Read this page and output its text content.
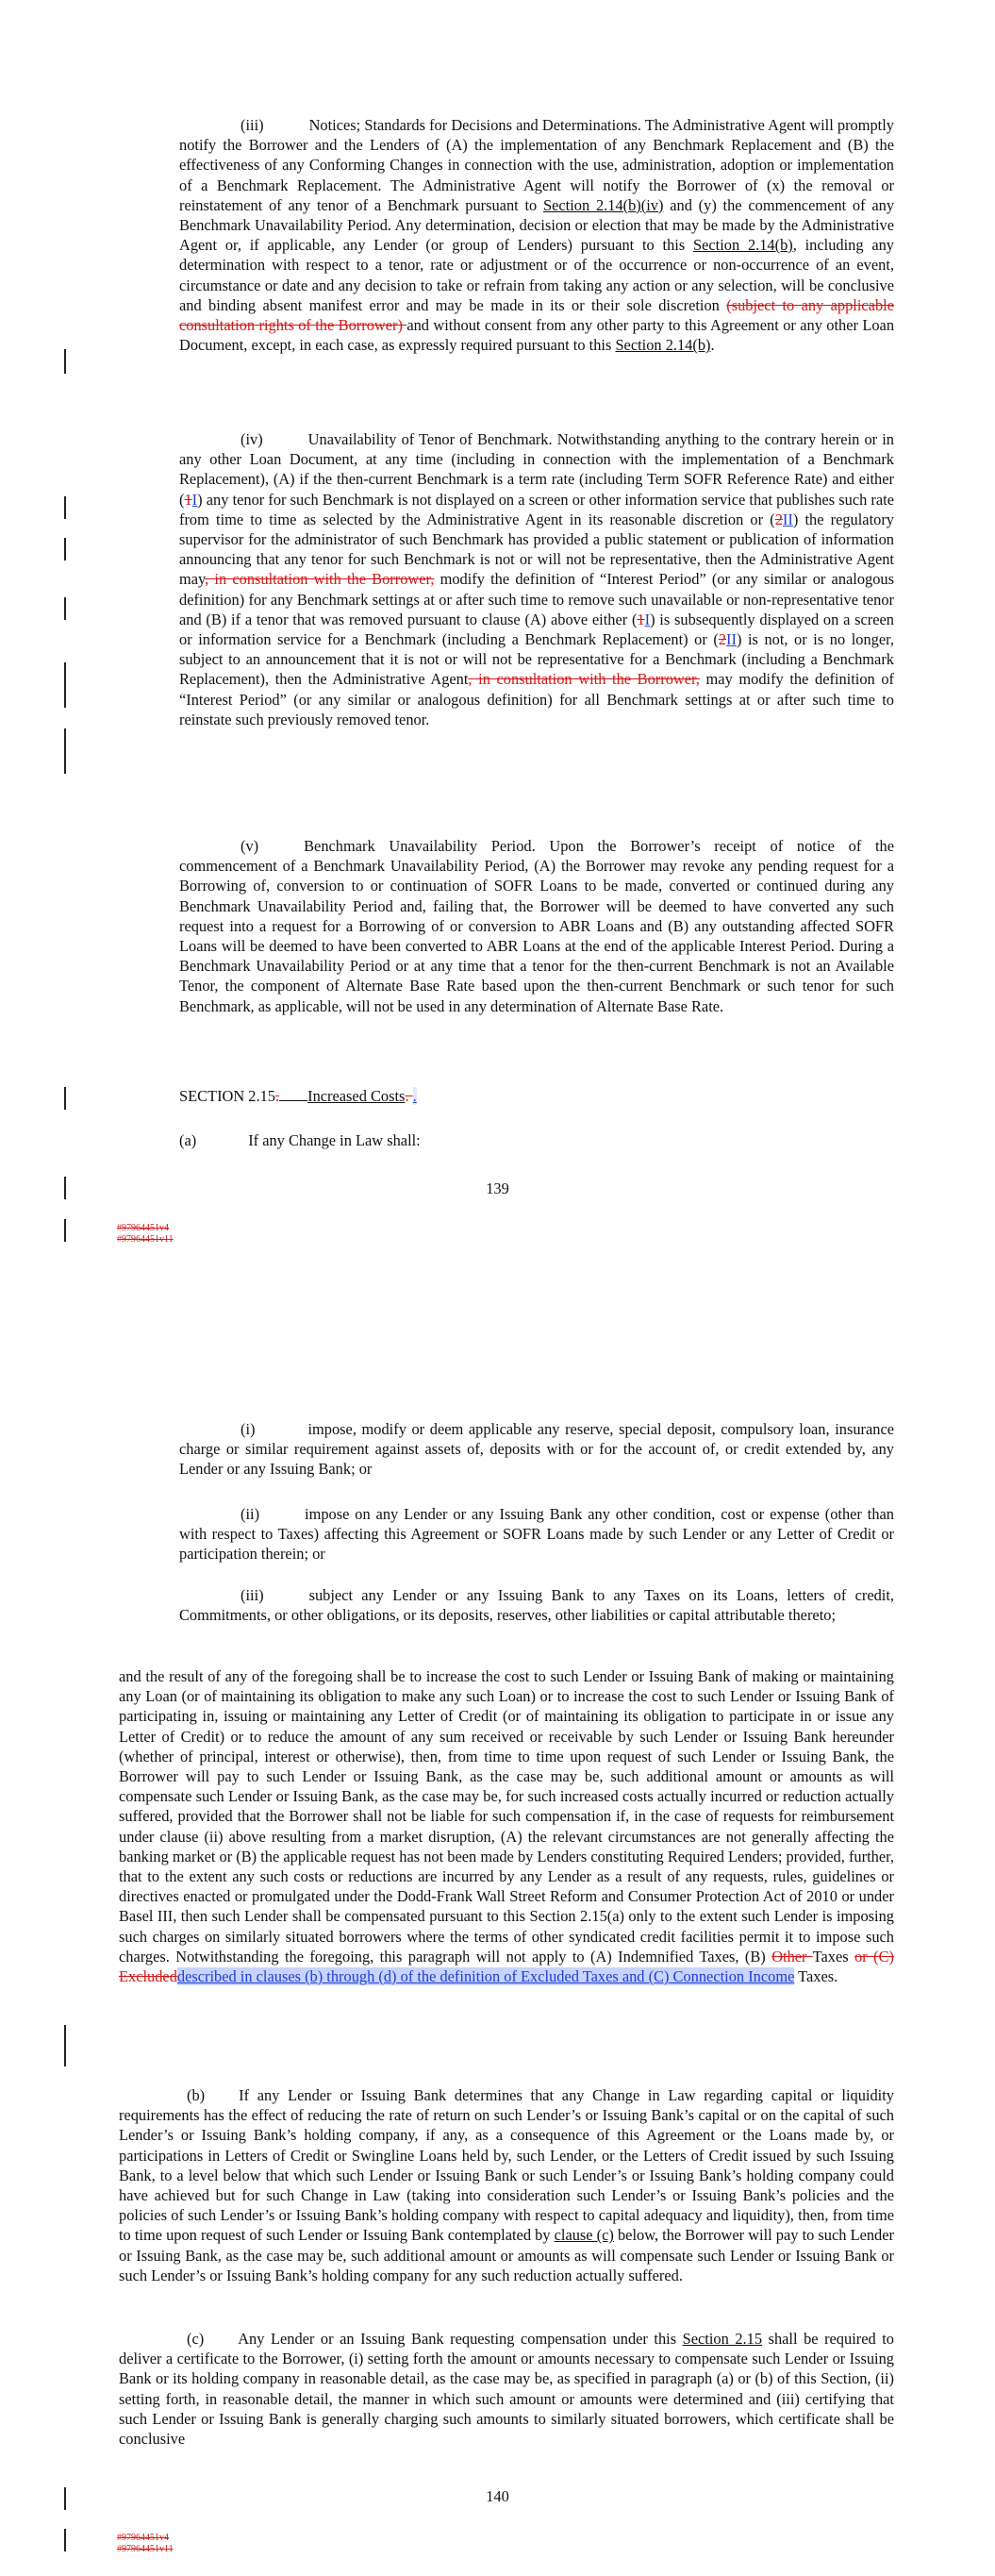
(iii)	Notices; Standards for Decisions and Determinations. The Administrative Agent will promptly notify the Borrower and the Lenders of (A) the implementation of any Benchmark Replacement and (B) the effectiveness of any Conforming Changes in connection with the use, administration, adoption or implementation of a Benchmark Replacement. The Administrative Agent will notify the Borrower of (x) the removal or reinstatement of any tenor of a Benchmark pursuant to Section 2.14(b)(iv) and (y) the commencement of any Benchmark Unavailability Period. Any determination, decision or election that may be made by the Administrative Agent or, if applicable, any Lender (or group of Lenders) pursuant to this Section 2.14(b), including any determination with respect to a tenor, rate or adjustment or of the occurrence or non-occurrence of an event, circumstance or date and any decision to take or refrain from taking any action or any selection, will be conclusive and binding absent manifest error and may be made in its or their sole discretion (subject to any applicable consultation rights of the Borrower) and without consent from any other party to this Agreement or any other Loan Document, except, in each case, as expressly required pursuant to this Section 2.14(b).
(iv)	Unavailability of Tenor of Benchmark. Notwithstanding anything to the contrary herein or in any other Loan Document, at any time (including in connection with the implementation of a Benchmark Replacement), (A) if the then-current Benchmark is a term rate (including Term SOFR Reference Rate) and either (1I) any tenor for such Benchmark is not displayed on a screen or other information service that publishes such rate from time to time as selected by the Administrative Agent in its reasonable discretion or (2II) the regulatory supervisor for the administrator of such Benchmark has provided a public statement or publication of information announcing that any tenor for such Benchmark is not or will not be representative, then the Administrative Agent may, in consultation with the Borrower, modify the definition of “Interest Period” (or any similar or analogous definition) for any Benchmark settings at or after such time to remove such unavailable or non-representative tenor and (B) if a tenor that was removed pursuant to clause (A) above either (1I) is subsequently displayed on a screen or information service for a Benchmark (including a Benchmark Replacement) or (2II) is not, or is no longer, subject to an announcement that it is not or will not be representative for a Benchmark (including a Benchmark Replacement), then the Administrative Agent, in consultation with the Borrower, may modify the definition of “Interest Period” (or any similar or analogous definition) for all Benchmark settings at or after such time to reinstate such previously removed tenor.
(v)	Benchmark Unavailability Period. Upon the Borrower’s receipt of notice of the commencement of a Benchmark Unavailability Period, (A) the Borrower may revoke any pending request for a Borrowing of, conversion to or continuation of SOFR Loans to be made, converted or continued during any Benchmark Unavailability Period and, failing that, the Borrower will be deemed to have converted any such request into a request for a Borrowing of or conversion to ABR Loans and (B) any outstanding affected SOFR Loans will be deemed to have been converted to ABR Loans at the end of the applicable Interest Period. During a Benchmark Unavailability Period or at any time that a tenor for the then-current Benchmark is not an Available Tenor, the component of Alternate Base Rate based upon the then-current Benchmark or such tenor for such Benchmark, as applicable, will not be used in any determination of Alternate Base Rate.
SECTION 2.15. Increased Costs. .
(a)	If any Change in Law shall:
139
#97964451v4
#97964451v11
(i)	impose, modify or deem applicable any reserve, special deposit, compulsory loan, insurance charge or similar requirement against assets of, deposits with or for the account of, or credit extended by, any Lender or any Issuing Bank; or
(ii)	impose on any Lender or any Issuing Bank any other condition, cost or expense (other than with respect to Taxes) affecting this Agreement or SOFR Loans made by such Lender or any Letter of Credit or participation therein; or
(iii)	subject any Lender or any Issuing Bank to any Taxes on its Loans, letters of credit, Commitments, or other obligations, or its deposits, reserves, other liabilities or capital attributable thereto;
and the result of any of the foregoing shall be to increase the cost to such Lender or Issuing Bank of making or maintaining any Loan (or of maintaining its obligation to make any such Loan) or to increase the cost to such Lender or Issuing Bank of participating in, issuing or maintaining any Letter of Credit (or of maintaining its obligation to participate in or issue any Letter of Credit) or to reduce the amount of any sum received or receivable by such Lender or Issuing Bank hereunder (whether of principal, interest or otherwise), then, from time to time upon request of such Lender or Issuing Bank, the Borrower will pay to such Lender or Issuing Bank, as the case may be, such additional amount or amounts as will compensate such Lender or Issuing Bank, as the case may be, for such increased costs actually incurred or reduction actually suffered, provided that the Borrower shall not be liable for such compensation if, in the case of requests for reimbursement under clause (ii) above resulting from a market disruption, (A) the relevant circumstances are not generally affecting the banking market or (B) the applicable request has not been made by Lenders constituting Required Lenders; provided, further, that to the extent any such costs or reductions are incurred by any Lender as a result of any requests, rules, guidelines or directives enacted or promulgated under the Dodd-Frank Wall Street Reform and Consumer Protection Act of 2010 or under Basel III, then such Lender shall be compensated pursuant to this Section 2.15(a) only to the extent such Lender is imposing such charges on similarly situated borrowers where the terms of other syndicated credit facilities permit it to impose such charges. Notwithstanding the foregoing, this paragraph will not apply to (A) Indemnified Taxes, (B) Other Taxes or (C) Excludeddescribed in clauses (b) through (d) of the definition of Excluded Taxes and (C) Connection Income Taxes.
(b) If any Lender or Issuing Bank determines that any Change in Law regarding capital or liquidity requirements has the effect of reducing the rate of return on such Lender’s or Issuing Bank’s capital or on the capital of such Lender’s or Issuing Bank’s holding company, if any, as a consequence of this Agreement or the Loans made by, or participations in Letters of Credit or Swingline Loans held by, such Lender, or the Letters of Credit issued by such Issuing Bank, to a level below that which such Lender or Issuing Bank or such Lender’s or Issuing Bank’s holding company could have achieved but for such Change in Law (taking into consideration such Lender’s or Issuing Bank’s policies and the policies of such Lender’s or Issuing Bank’s holding company with respect to capital adequacy and liquidity), then, from time to time upon request of such Lender or Issuing Bank contemplated by clause (c) below, the Borrower will pay to such Lender or Issuing Bank, as the case may be, such additional amount or amounts as will compensate such Lender or Issuing Bank or such Lender’s or Issuing Bank’s holding company for any such reduction actually suffered.
(c) Any Lender or an Issuing Bank requesting compensation under this Section 2.15 shall be required to deliver a certificate to the Borrower, (i) setting forth the amount or amounts necessary to compensate such Lender or Issuing Bank or its holding company in reasonable detail, as the case may be, as specified in paragraph (a) or (b) of this Section, (ii) setting forth, in reasonable detail, the manner in which such amount or amounts were determined and (iii) certifying that such Lender or Issuing Bank is generally charging such amounts to similarly situated borrowers, which certificate shall be conclusive
140
#97964451v4
#97964451v11
